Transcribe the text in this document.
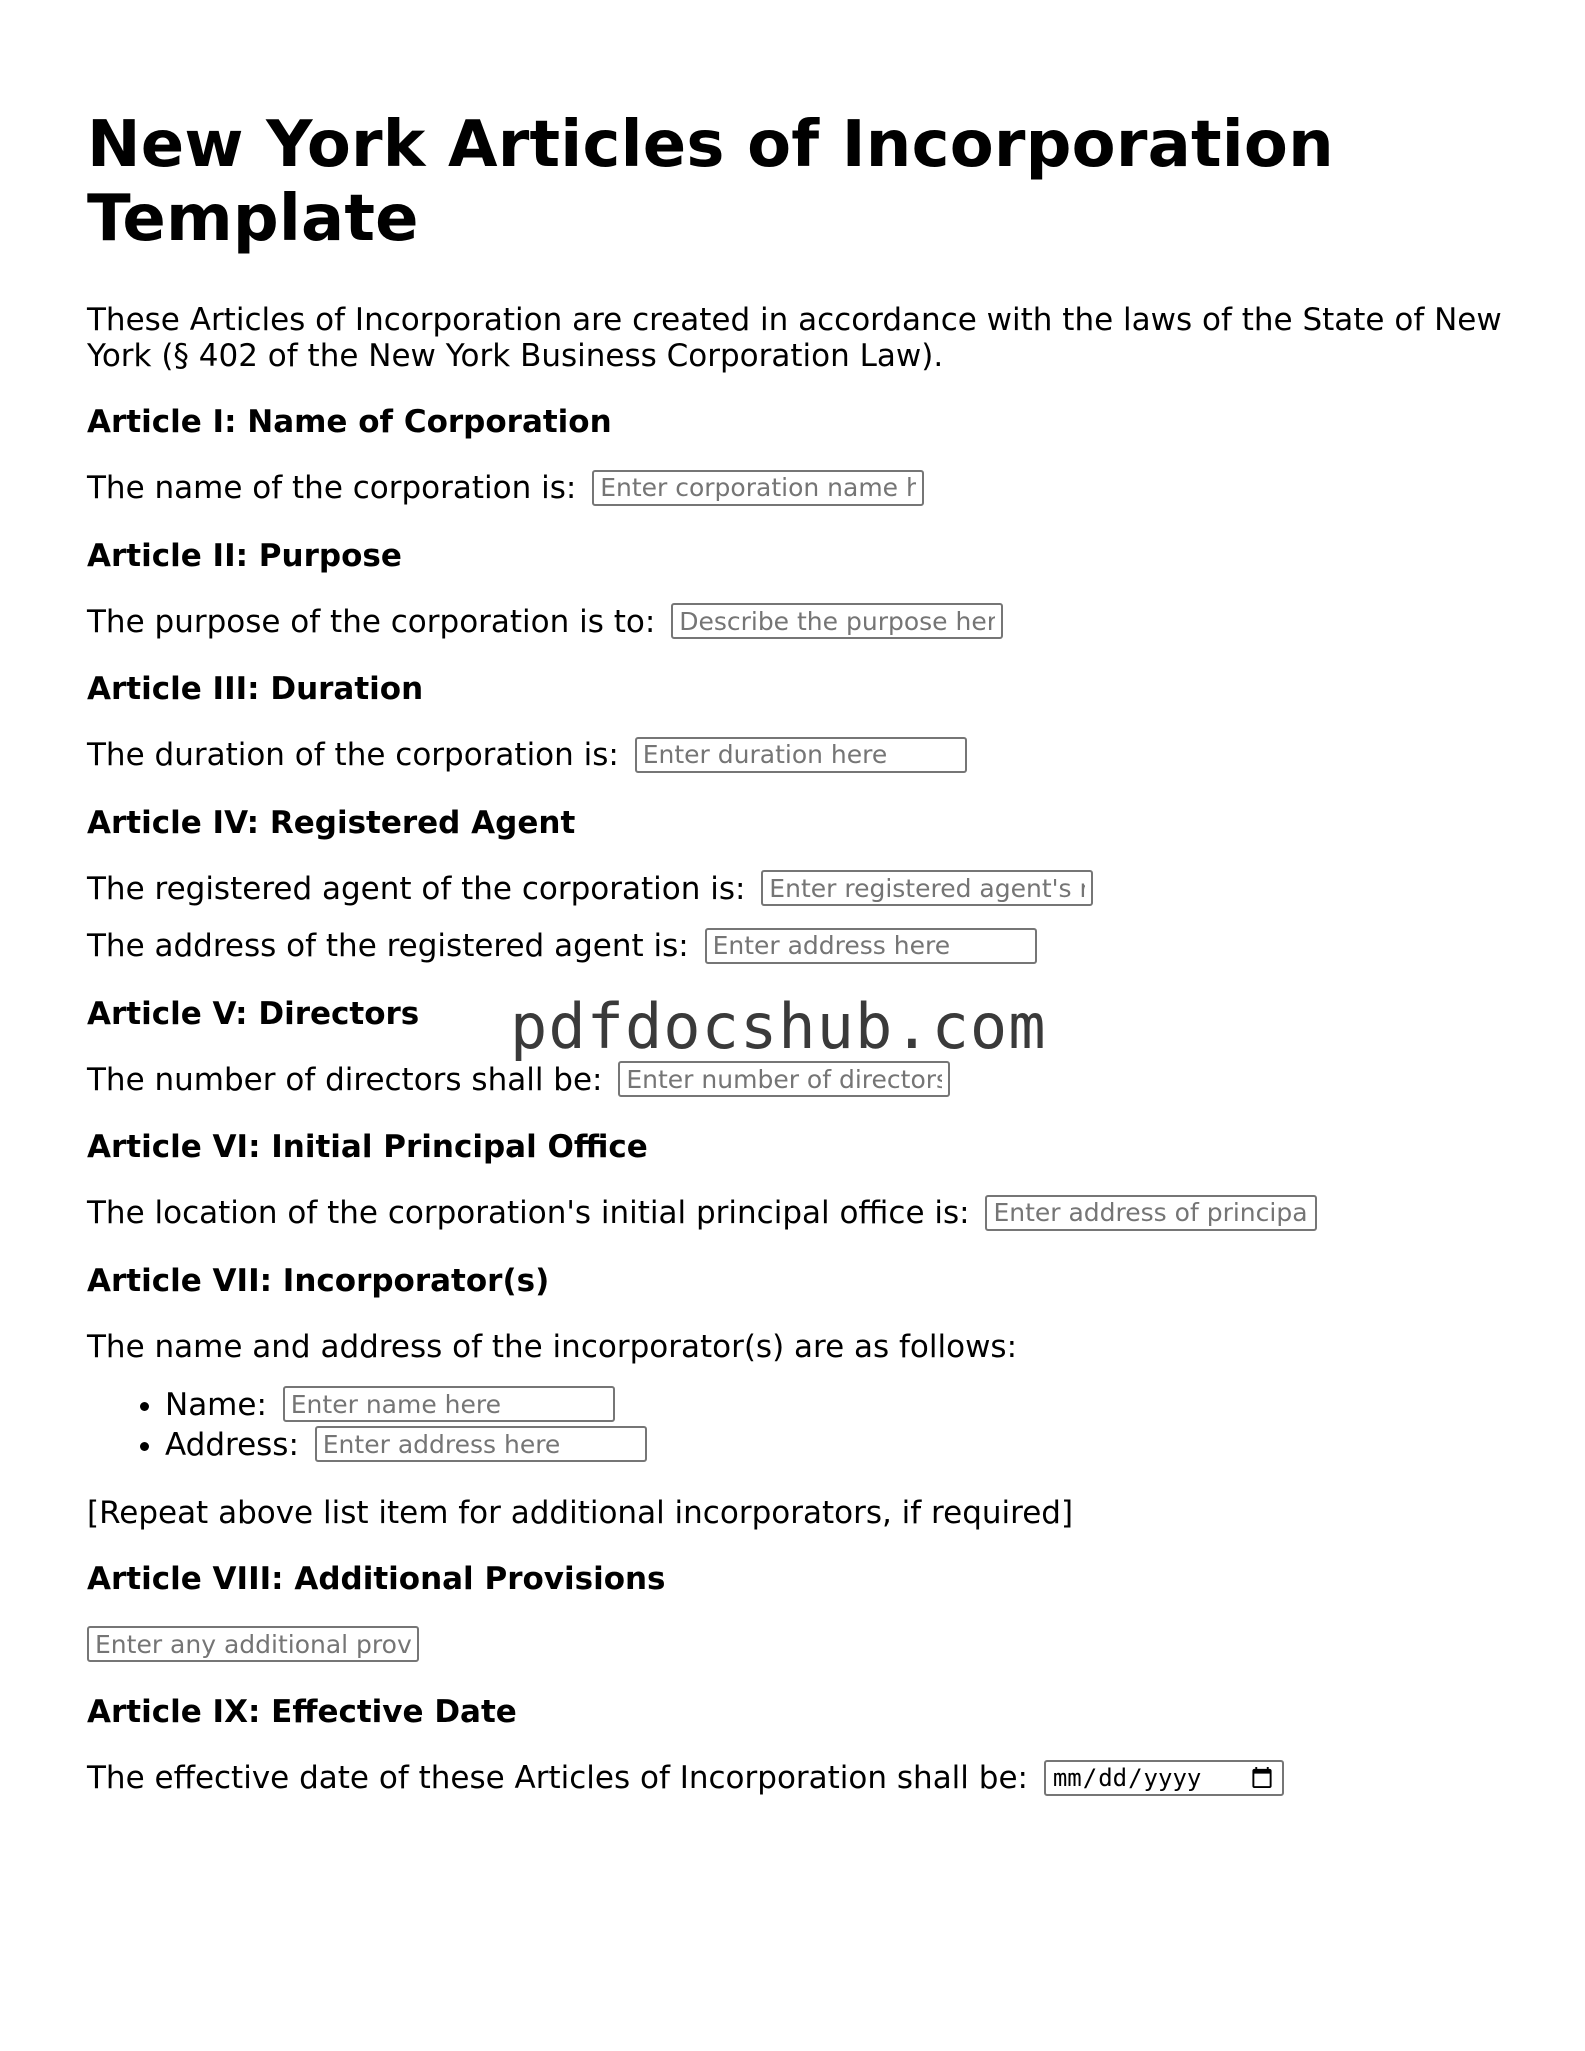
New York Articles of Incorporation Template

These Articles of Incorporation are created in accordance with the laws of the State of New York (§ 402 of the New York Business Corporation Law).

Article I: Name of Corporation

The name of the corporation is: Enter corporation name here

Article II: Purpose

The purpose of the corporation is to: Describe the purpose here

Article III: Duration

The duration of the corporation is: Enter duration here

Article IV: Registered Agent

The registered agent of the corporation is: Enter registered agent's name here

The address of the registered agent is: Enter address here

Article V: Directors

The number of directors shall be: Enter number of directors

Article VI: Initial Principal Office

The location of the corporation's initial principal office is: Enter address of principal office

Article VII: Incorporator(s)

The name and address of the incorporator(s) are as follows:

• Name: Enter name here
• Address: Enter address here

[Repeat above list item for additional incorporators, if required]

Article VIII: Additional Provisions

Enter any additional provisions

Article IX: Effective Date

The effective date of these Articles of Incorporation shall be:

pdfdocshub.com
